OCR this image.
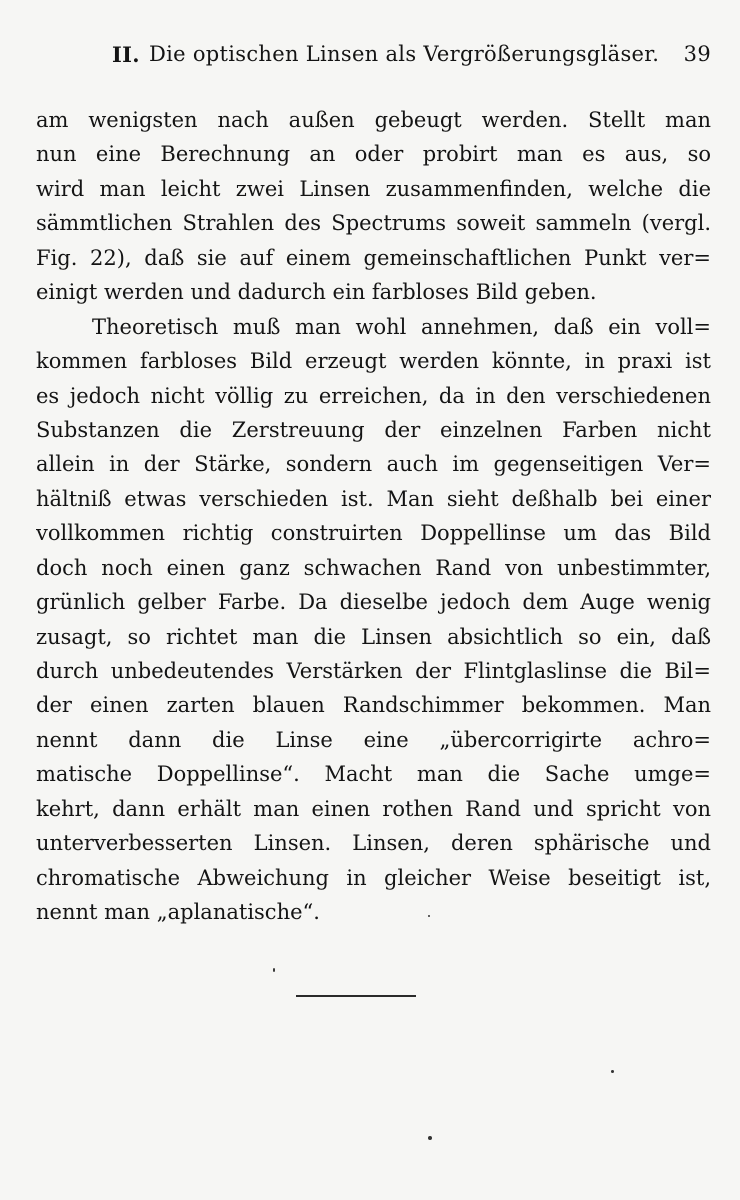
II. Die optischen Linsen als Vergrößerungsgläser. 39
am wenigsten nach außen gebeugt werden. Stellt man
nun eine Berechnung an oder probirt man es aus, so
wird man leicht zwei Linsen zusammenfinden, welche die
sämmtlichen Strahlen des Spectrums soweit sammeln (vergl.
Fig. 22), daß sie auf einem gemeinschaftlichen Punkt ver=
einigt werden und dadurch ein farbloses Bild geben.
Theoretisch muß man wohl annehmen, daß ein voll=
kommen farbloses Bild erzeugt werden könnte, in praxi ist
es jedoch nicht völlig zu erreichen, da in den verschiedenen
Substanzen die Zerstreuung der einzelnen Farben nicht
allein in der Stärke, sondern auch im gegenseitigen Ver=
hältniß etwas verschieden ist. Man sieht deßhalb bei einer
vollkommen richtig construirten Doppellinse um das Bild
doch noch einen ganz schwachen Rand von unbestimmter,
grünlich gelber Farbe. Da dieselbe jedoch dem Auge wenig
zusagt, so richtet man die Linsen absichtlich so ein, daß
durch unbedeutendes Verstärken der Flintglaslinse die Bil=
der einen zarten blauen Randschimmer bekommen. Man
nennt dann die Linse eine „übercorrigirte achro=
matische Doppellinse“. Macht man die Sache umge=
kehrt, dann erhält man einen rothen Rand und spricht von
unterverbesserten Linsen. Linsen, deren sphärische und
chromatische Abweichung in gleicher Weise beseitigt ist,
nennt man „aplanatische“.
